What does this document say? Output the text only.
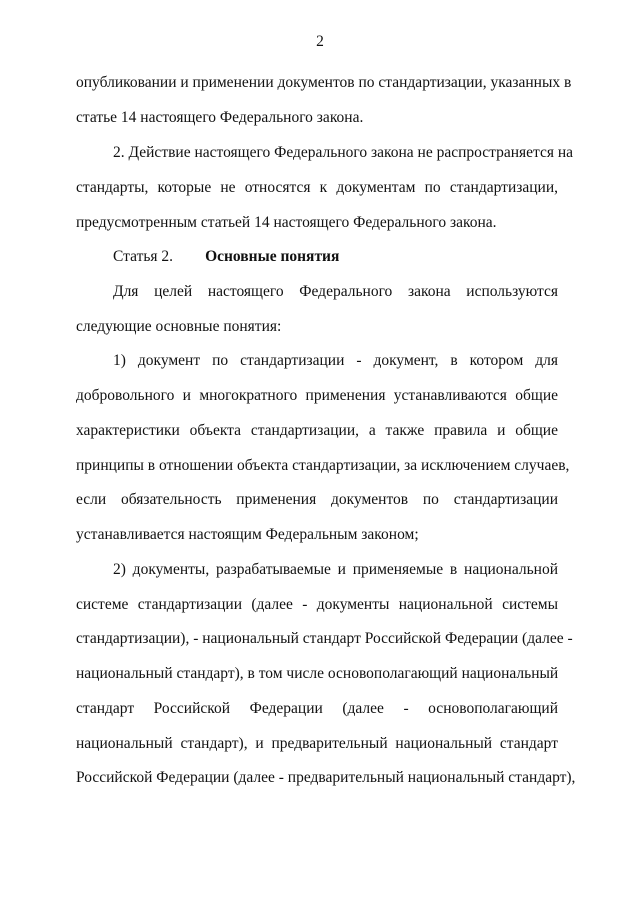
2
опубликовании и применении документов по стандартизации, указанных в
статье 14 настоящего Федерального закона.
2. Действие настоящего Федерального закона не распространяется на
стандарты, которые не относятся к документам по стандартизации,
предусмотренным статьей 14 настоящего Федерального закона.
Статья 2. Основные понятия
Для целей настоящего Федерального закона используются
следующие основные понятия:
1) документ по стандартизации - документ, в котором для
добровольного и многократного применения устанавливаются общие
характеристики объекта стандартизации, а также правила и общие
принципы в отношении объекта стандартизации, за исключением случаев,
если обязательность применения документов по стандартизации
устанавливается настоящим Федеральным законом;
2) документы, разрабатываемые и применяемые в национальной
системе стандартизации (далее - документы национальной системы
стандартизации), - национальный стандарт Российской Федерации (далее -
национальный стандарт), в том числе основополагающий национальный
стандарт Российской Федерации (далее - основополагающий
национальный стандарт), и предварительный национальный стандарт
Российской Федерации (далее - предварительный национальный стандарт),
